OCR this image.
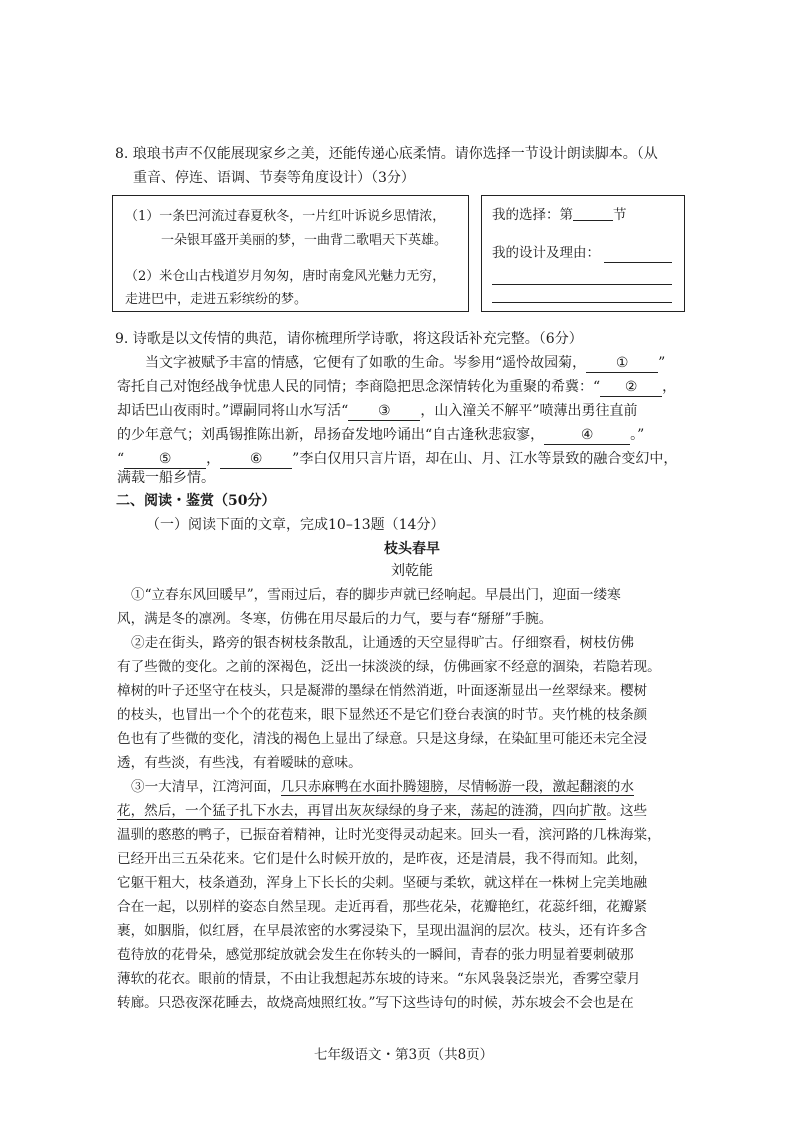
8. 琅琅书声不仅能展现家乡之美，还能传递心底柔情。请你选择一节设计朗读脚本。（从
重音、停连、语调、节奏等角度设计）（3分）
（1）一条巴河流过春夏秋冬，一片红叶诉说乡思情浓，
一朵银耳盛开美丽的梦，一曲背二歌唱天下英雄。
（2）米仓山古栈道岁月匆匆，唐时南龛风光魅力无穷，
走进巴中，走进五彩缤纷的梦。
我的选择：第	节
我的设计及理由：
9. 诗歌是以文传情的典范，请你梳理所学诗歌，将这段话补充完整。（6分）
当文字被赋予丰富的情感，它便有了如歌的生命。岑参用“遥怜故园菊， ① ”
寄托自己对饱经战争忧患人民的同情；李商隐把思念深情转化为重聚的希冀：“ ② ，
却话巴山夜雨时。”谭嗣同将山水写活“ ③ ，山入潼关不解平”喷薄出勇往直前
的少年意气；刘禹锡推陈出新，昂扬奋发地吟诵出“自古逢秋悲寂寥，	④	。”
“ ⑤ ， ⑥ ”李白仅用只言片语，却在山、月、江水等景致的融合变幻中，
满载一船乡情。
二、阅读・鉴赏（50分）
（一）阅读下面的文章，完成10–13题（14分）
枝头春早
刘乾能
①“立春东风回暖早”，雪雨过后，春的脚步声就已经响起。早晨出门，迎面一缕寒
风，满是冬的凛冽。冬寒，仿佛在用尽最后的力气，要与春“掰掰”手腕。
②走在街头，路旁的银杏树枝条散乱，让通透的天空显得旷古。仔细察看，树枝仿佛
有了些微的变化。之前的深褐色，泛出一抹淡淡的绿，仿佛画家不经意的涸染，若隐若现。
樟树的叶子还坚守在枝头，只是凝滞的墨绿在悄然消逝，叶面逐渐显出一丝翠绿来。樱树
的枝头，也冒出一个个的花苞来，眼下显然还不是它们登台表演的时节。夹竹桃的枝条颜
色也有了些微的变化，清浅的褐色上显出了绿意。只是这身绿，在染缸里可能还未完全浸
透，有些淡，有些浅，有着暧昧的意味。
③一大清早，江湾河面，几只赤麻鸭在水面扑腾翅膀，尽情畅游一段，激起翻滚的水
花，然后，一个猛子扎下水去，再冒出灰灰绿绿的身子来，荡起的涟漪，四向扩散。这些
温驯的憨憨的鸭子，已振奋着精神，让时光变得灵动起来。回头一看，滨河路的几株海棠，
已经开出三五朵花来。它们是什么时候开放的，是昨夜，还是清晨，我不得而知。此刻，
它躯干粗大，枝条遒劲，浑身上下长长的尖刺。坚硬与柔软，就这样在一株树上完美地融
合在一起，以别样的姿态自然呈现。走近再看，那些花朵，花瓣艳红，花蕊纤细，花瓣紧
裹，如胭脂，似红唇，在早晨浓密的水雾浸染下，呈现出温润的层次。枝头，还有许多含
苞待放的花骨朵，感觉那绽放就会发生在你转头的一瞬间，青春的张力明显着要刺破那
薄软的花衣。眼前的情景，不由让我想起苏东坡的诗来。“东风袅袅泛崇光，香雾空蒙月
转廊。只恐夜深花睡去，故烧高烛照红妆。”写下这些诗句的时候，苏东坡会不会也是在
七年级语文・第3页（共8页）
